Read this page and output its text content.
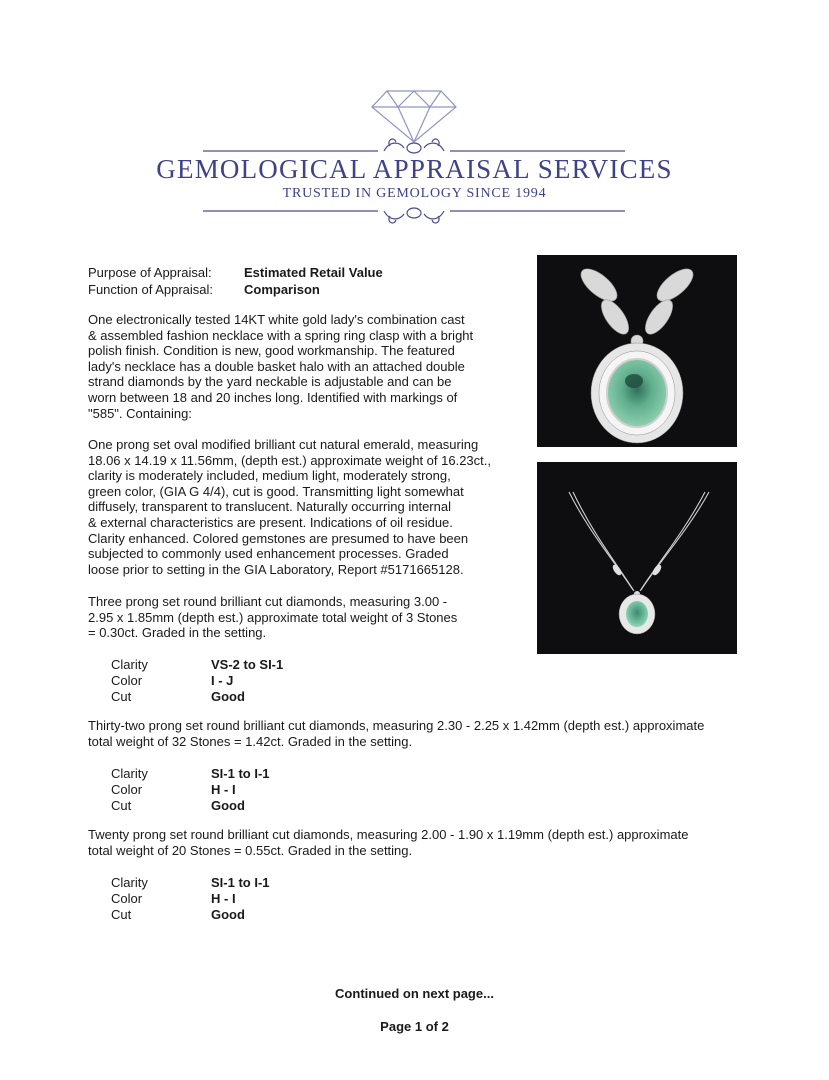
GEMOLOGICAL APPRAISAL SERVICES
TRUSTED IN GEMOLOGY SINCE 1994
Purpose of Appraisal: Estimated Retail Value
Function of Appraisal: Comparison
One electronically tested 14KT white gold lady's combination cast
& assembled fashion necklace with a spring ring clasp with a bright
polish finish. Condition is new, good workmanship. The featured
lady's necklace has a double basket halo with an attached double
strand diamonds by the yard neckable is adjustable and can be
worn between 18 and 20 inches long. Identified with markings of
"585". Containing:
One prong set oval modified brilliant cut natural emerald, measuring
18.06 x 14.19 x 11.56mm, (depth est.) approximate weight of 16.23ct.,
clarity is moderately included, medium light, moderately strong,
green color, (GIA G 4/4), cut is good. Transmitting light somewhat
diffusely, transparent to translucent. Naturally occurring internal
& external characteristics are present. Indications of oil residue.
Clarity enhanced. Colored gemstones are presumed to have been
subjected to commonly used enhancement processes. Graded
loose prior to setting in the GIA Laboratory, Report #5171665128.
Three prong set round brilliant cut diamonds, measuring 3.00 -
2.95 x 1.85mm (depth est.) approximate total weight of 3 Stones
= 0.30ct. Graded in the setting.
Clarity	VS-2 to SI-1
Color	I - J
Cut	Good
Thirty-two prong set round brilliant cut diamonds, measuring 2.30 - 2.25 x 1.42mm (depth est.) approximate
total weight of 32 Stones = 1.42ct. Graded in the setting.
Clarity	SI-1 to I-1
Color	H - I
Cut	Good
Twenty prong set round brilliant cut diamonds, measuring 2.00 - 1.90 x 1.19mm (depth est.) approximate
total weight of 20 Stones = 0.55ct. Graded in the setting.
Clarity	SI-1 to I-1
Color	H - I
Cut	Good
Continued on next page...
Page 1 of 2
